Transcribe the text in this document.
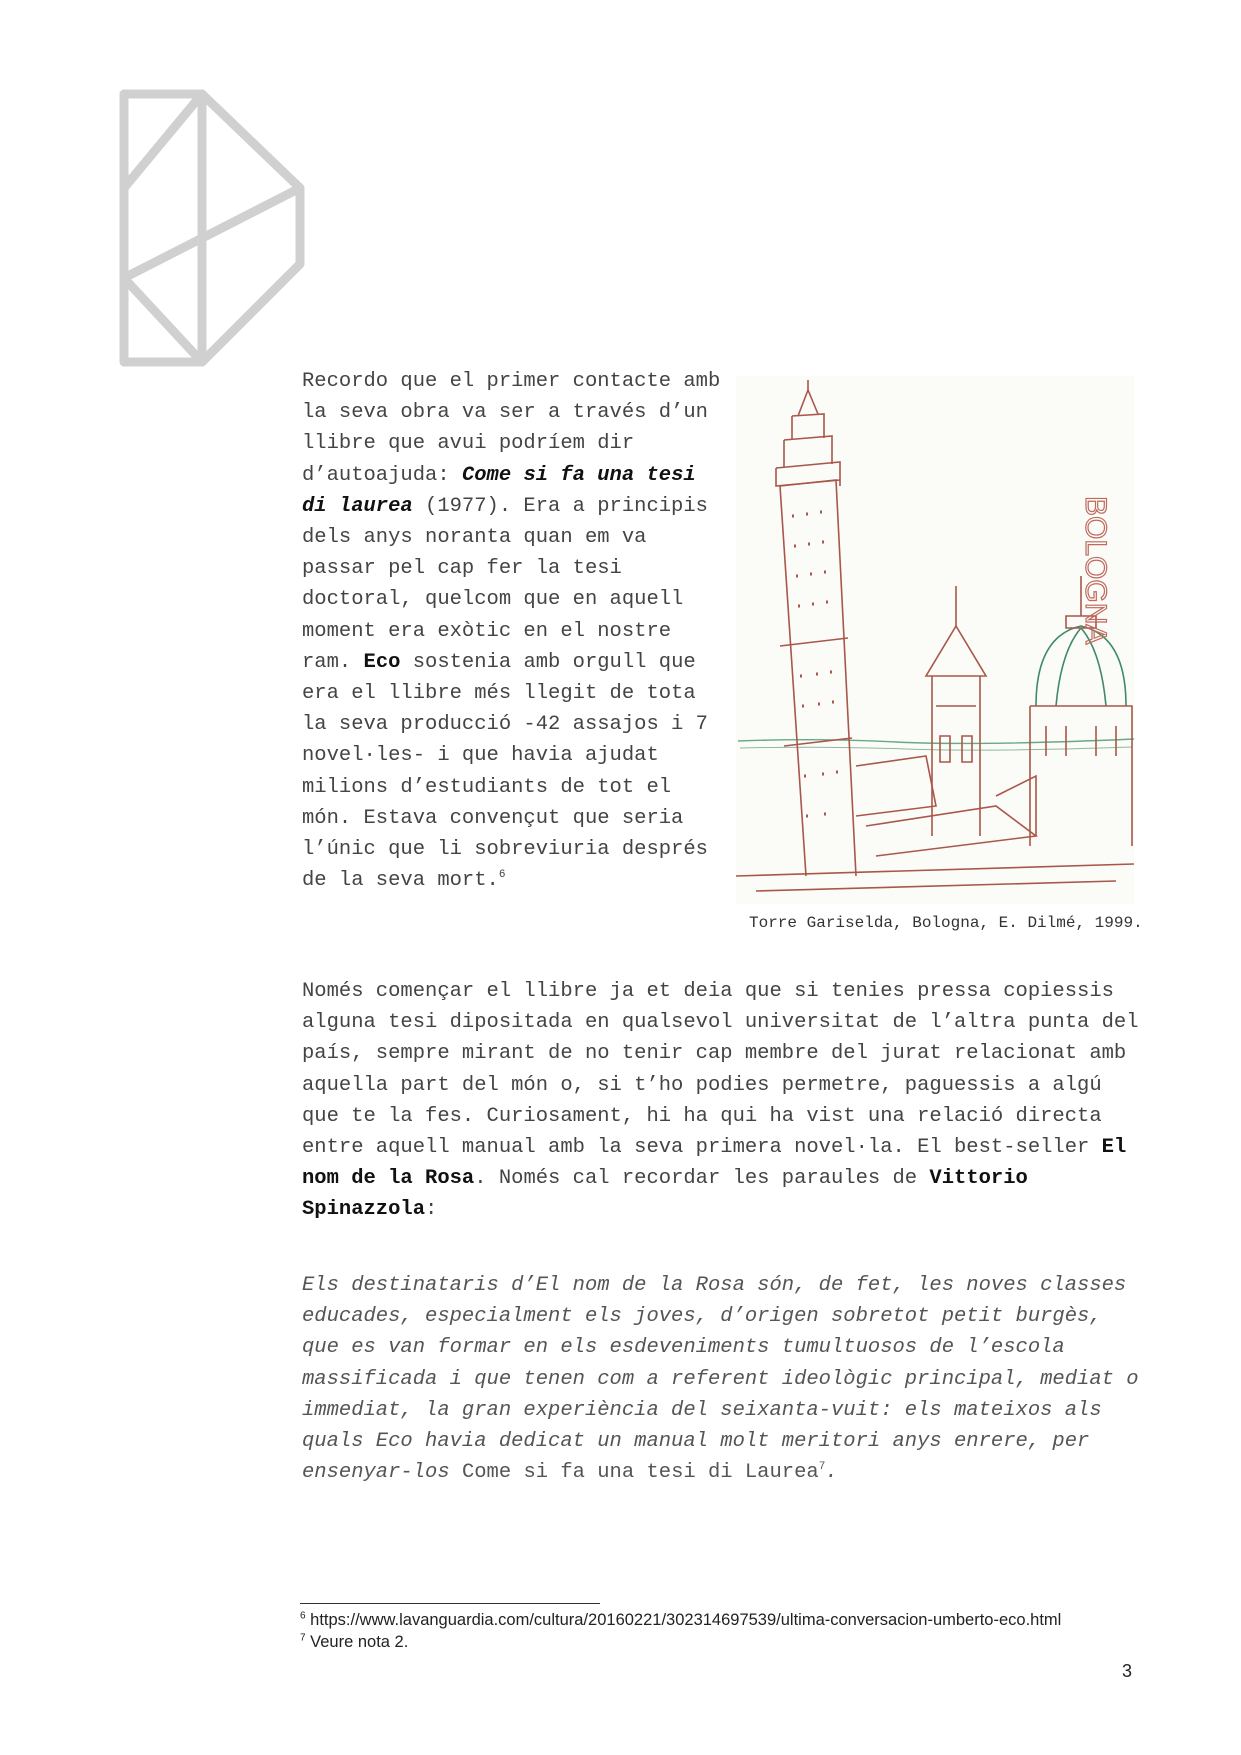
Recordo que el primer contacte amb la seva obra va ser a través d’un llibre que avui podríem dir d’autoajuda: Come si fa una tesi di laurea (1977). Era a principis dels anys noranta quan em va passar pel cap fer la tesi doctoral, quelcom que en aquell moment era exòtic en el nostre ram. Eco sostenia amb orgull que era el llibre més llegit de tota la seva producció -42 assajos i 7 novel·les- i que havia ajudat milions d’estudiants de tot el món. Estava convençut que seria l’únic que li sobreviuria després de la seva mort.$^6$

BOLOGNA
Torre Gariselda, Bologna, E. Dilmé, 1999.

Només començar el llibre ja et deia que si tenies pressa copiessis alguna tesi dipositada en qualsevol universitat de l’altra punta del país, sempre mirant de no tenir cap membre del jurat relacionat amb aquella part del món o, si t’ho podies permetre, paguessis a algú que te la fes. Curiosament, hi ha qui ha vist una relació directa entre aquell manual amb la seva primera novel·la. El best-seller El nom de la Rosa. Només cal recordar les paraules de Vittorio Spinazzola:

Els destinataris d’El nom de la Rosa són, de fet, les noves classes educades, especialment els joves, d’origen sobretot petit burgès, que es van formar en els esdeveniments tumultuosos de l’escola massificada i que tenen com a referent ideològic principal, mediat o immediat, la gran experiència del seixanta-vuit: els mateixos als quals Eco havia dedicat un manual molt meritori anys enrere, per ensenyar-los Come si fa una tesi di Laurea$^7$.

$^6$ https://www.lavanguardia.com/cultura/20160221/302314697539/ultima-conversacion-umberto-eco.html
$^7$ Veure nota 2.
3
